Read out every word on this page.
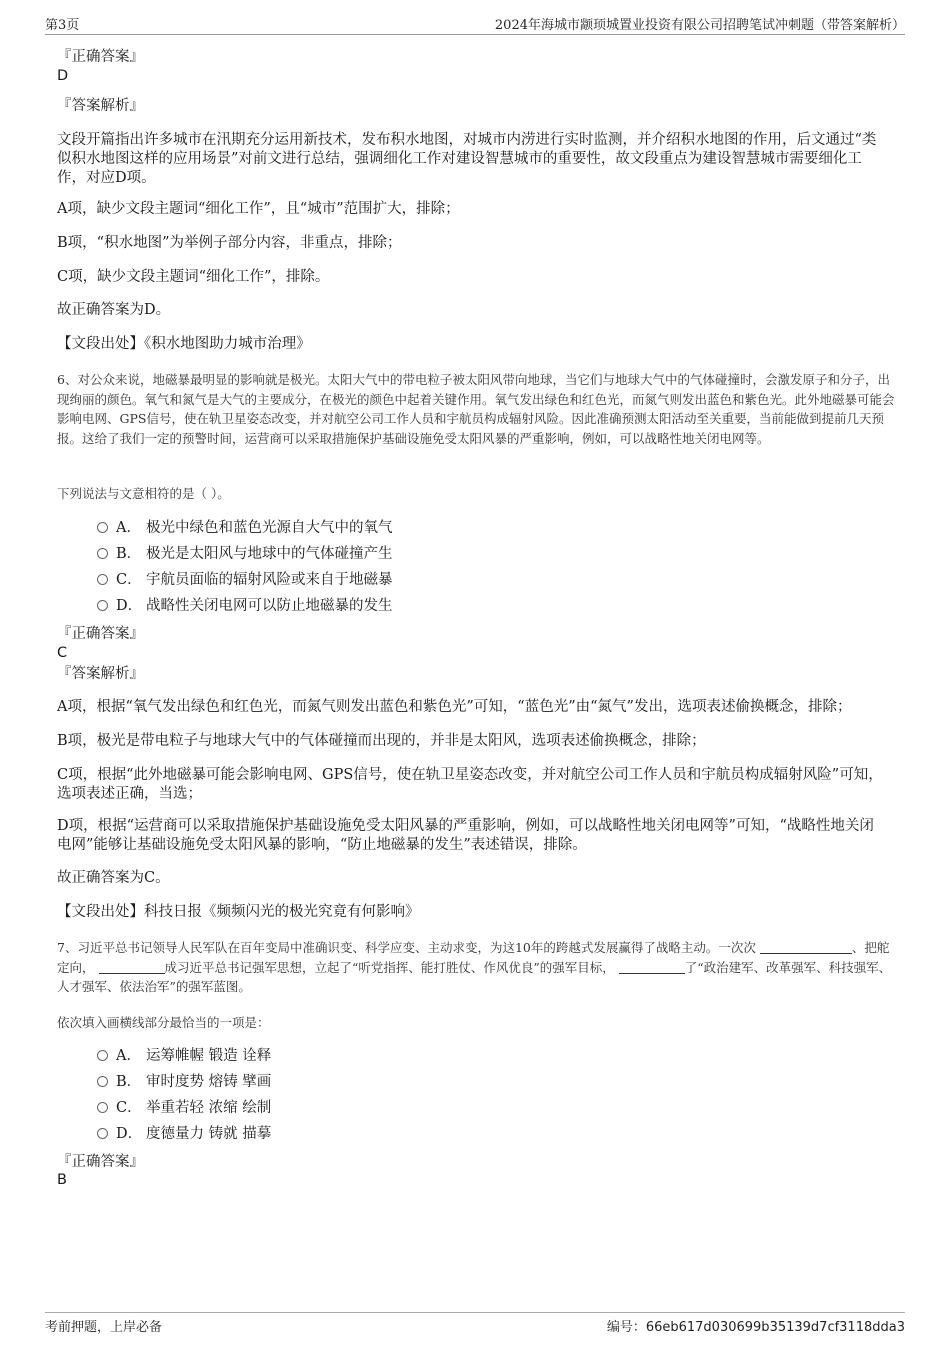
第3页	2024年海城市颛顼城置业投资有限公司招聘笔试冲刺题（带答案解析）
『正确答案』
D
『答案解析』
文段开篇指出许多城市在汛期充分运用新技术，发布积水地图，对城市内涝进行实时监测，并介绍积水地图的作用，后文通过“类似积水地图这样的应用场景”对前文进行总结，强调细化工作对建设智慧城市的重要性，故文段重点为建设智慧城市需要细化工作，对应D项。
A项，缺少文段主题词“细化工作”，且“城市”范围扩大，排除；
B项，“积水地图”为举例子部分内容，非重点，排除；
C项，缺少文段主题词“细化工作”，排除。
故正确答案为D。
【文段出处】《积水地图助力城市治理》
6、对公众来说，地磁暴最明显的影响就是极光。太阳大气中的带电粒子被太阳风带向地球，当它们与地球大气中的气体碰撞时，会激发原子和分子，出现绚丽的颜色。氧气和氮气是大气的主要成分，在极光的颜色中起着关键作用。氧气发出绿色和红色光，而氮气则发出蓝色和紫色光。此外地磁暴可能会影响电网、GPS信号，使在轨卫星姿态改变，并对航空公司工作人员和宇航员构成辐射风险。因此准确预测太阳活动至关重要，当前能做到提前几天预报。这给了我们一定的预警时间，运营商可以采取措施保护基础设施免受太阳风暴的严重影响，例如，可以战略性地关闭电网等。
下列说法与文意相符的是（ ）。
A． 极光中绿色和蓝色光源自大气中的氧气
B． 极光是太阳风与地球中的气体碰撞产生
C． 宇航员面临的辐射风险或来自于地磁暴
D． 战略性关闭电网可以防止地磁暴的发生
『正确答案』
C
『答案解析』
A项，根据“氧气发出绿色和红色光，而氮气则发出蓝色和紫色光”可知，“蓝色光”由“氮气”发出，选项表述偷换概念，排除；
B项，极光是带电粒子与地球大气中的气体碰撞而出现的，并非是太阳风，选项表述偷换概念，排除；
C项，根据“此外地磁暴可能会影响电网、GPS信号，使在轨卫星姿态改变，并对航空公司工作人员和宇航员构成辐射风险”可知，选项表述正确，当选；
D项，根据“运营商可以采取措施保护基础设施免受太阳风暴的严重影响，例如，可以战略性地关闭电网等”可知，“战略性地关闭电网”能够让基础设施免受太阳风暴的影响，“防止地磁暴的发生”表述错误，排除。
故正确答案为C。
【文段出处】科技日报《频频闪光的极光究竟有何影响》
7、习近平总书记领导人民军队在百年变局中准确识变、科学应变、主动求变，为这10年的跨越式发展赢得了战略主动。一次次	、把舵定向，	成习近平总书记强军思想，立起了“听党指挥、能打胜仗、作风优良”的强军目标，	了“政治建军、改革强军、科技强军、人才强军、依法治军”的强军蓝图。
依次填入画横线部分最恰当的一项是：
A． 运筹帷幄 锻造 诠释
B． 审时度势 熔铸 擘画
C． 举重若轻 浓缩 绘制
D． 度德量力 铸就 描摹
『正确答案』
B
考前押题，上岸必备	编号：66eb617d030699b35139d7cf3118dda3
